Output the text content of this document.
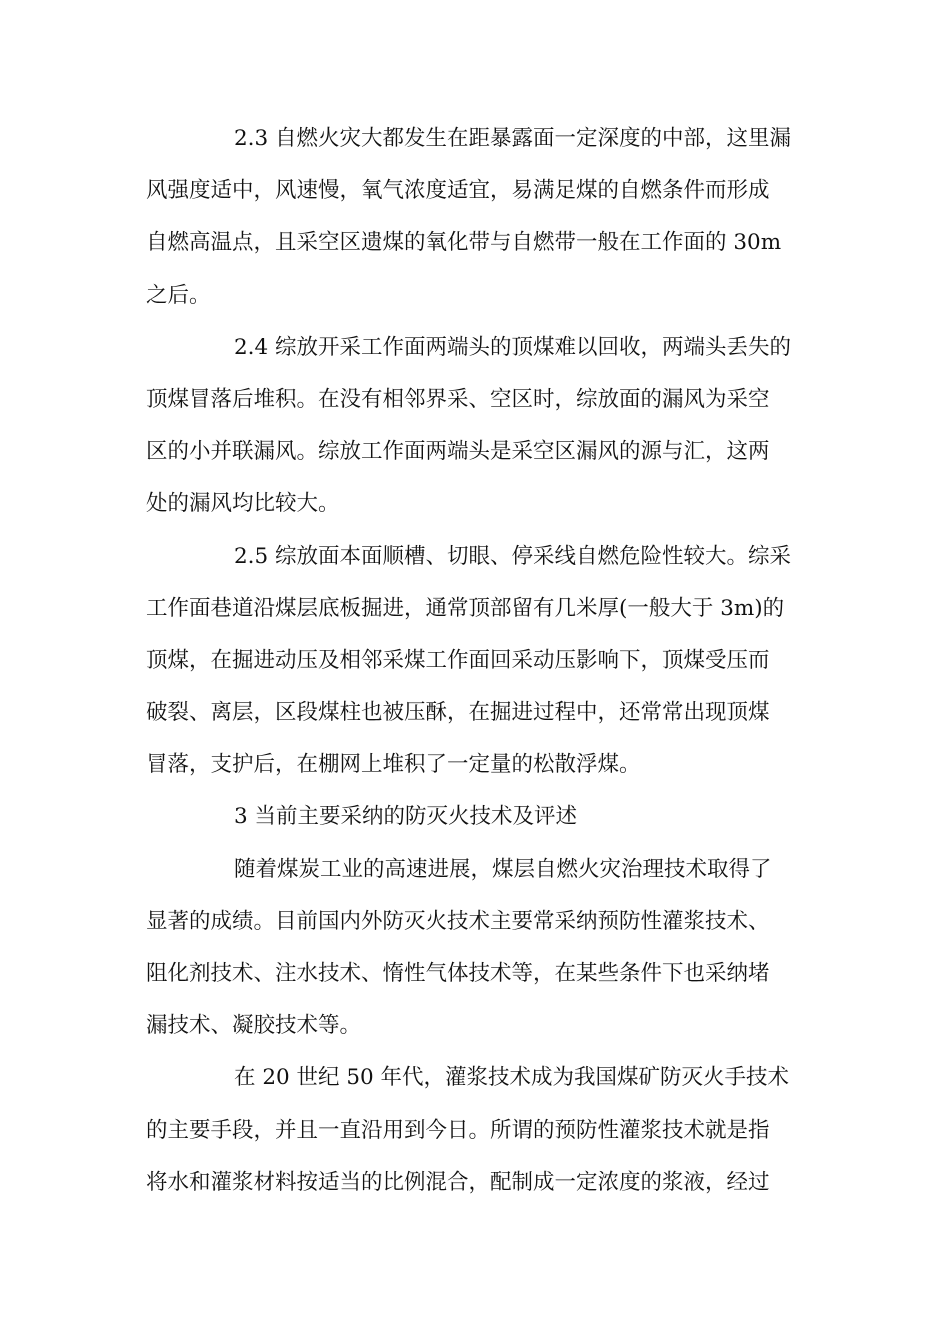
2.3 自燃火灾大都发生在距暴露面一定深度的中部，这里漏
风强度适中，风速慢，氧气浓度适宜，易满足煤的自燃条件而形成
自燃高温点，且采空区遗煤的氧化带与自燃带一般在工作面的 30m
之后。
2.4 综放开采工作面两端头的顶煤难以回收，两端头丢失的
顶煤冒落后堆积。在没有相邻界采、空区时，综放面的漏风为采空
区的小并联漏风。综放工作面两端头是采空区漏风的源与汇，这两
处的漏风均比较大。
2.5 综放面本面顺槽、切眼、停采线自燃危险性较大。综采
工作面巷道沿煤层底板掘进，通常顶部留有几米厚(一般大于 3m)的
顶煤，在掘进动压及相邻采煤工作面回采动压影响下，顶煤受压而
破裂、离层，区段煤柱也被压酥，在掘进过程中，还常常出现顶煤
冒落，支护后，在棚网上堆积了一定量的松散浮煤。
3 当前主要采纳的防灭火技术及评述
随着煤炭工业的高速进展，煤层自燃火灾治理技术取得了
显著的成绩。目前国内外防灭火技术主要常采纳预防性灌浆技术、
阻化剂技术、注水技术、惰性气体技术等，在某些条件下也采纳堵
漏技术、凝胶技术等。
在 20 世纪 50 年代，灌浆技术成为我国煤矿防灭火手技术
的主要手段，并且一直沿用到今日。所谓的预防性灌浆技术就是指
将水和灌浆材料按适当的比例混合，配制成一定浓度的浆液，经过
